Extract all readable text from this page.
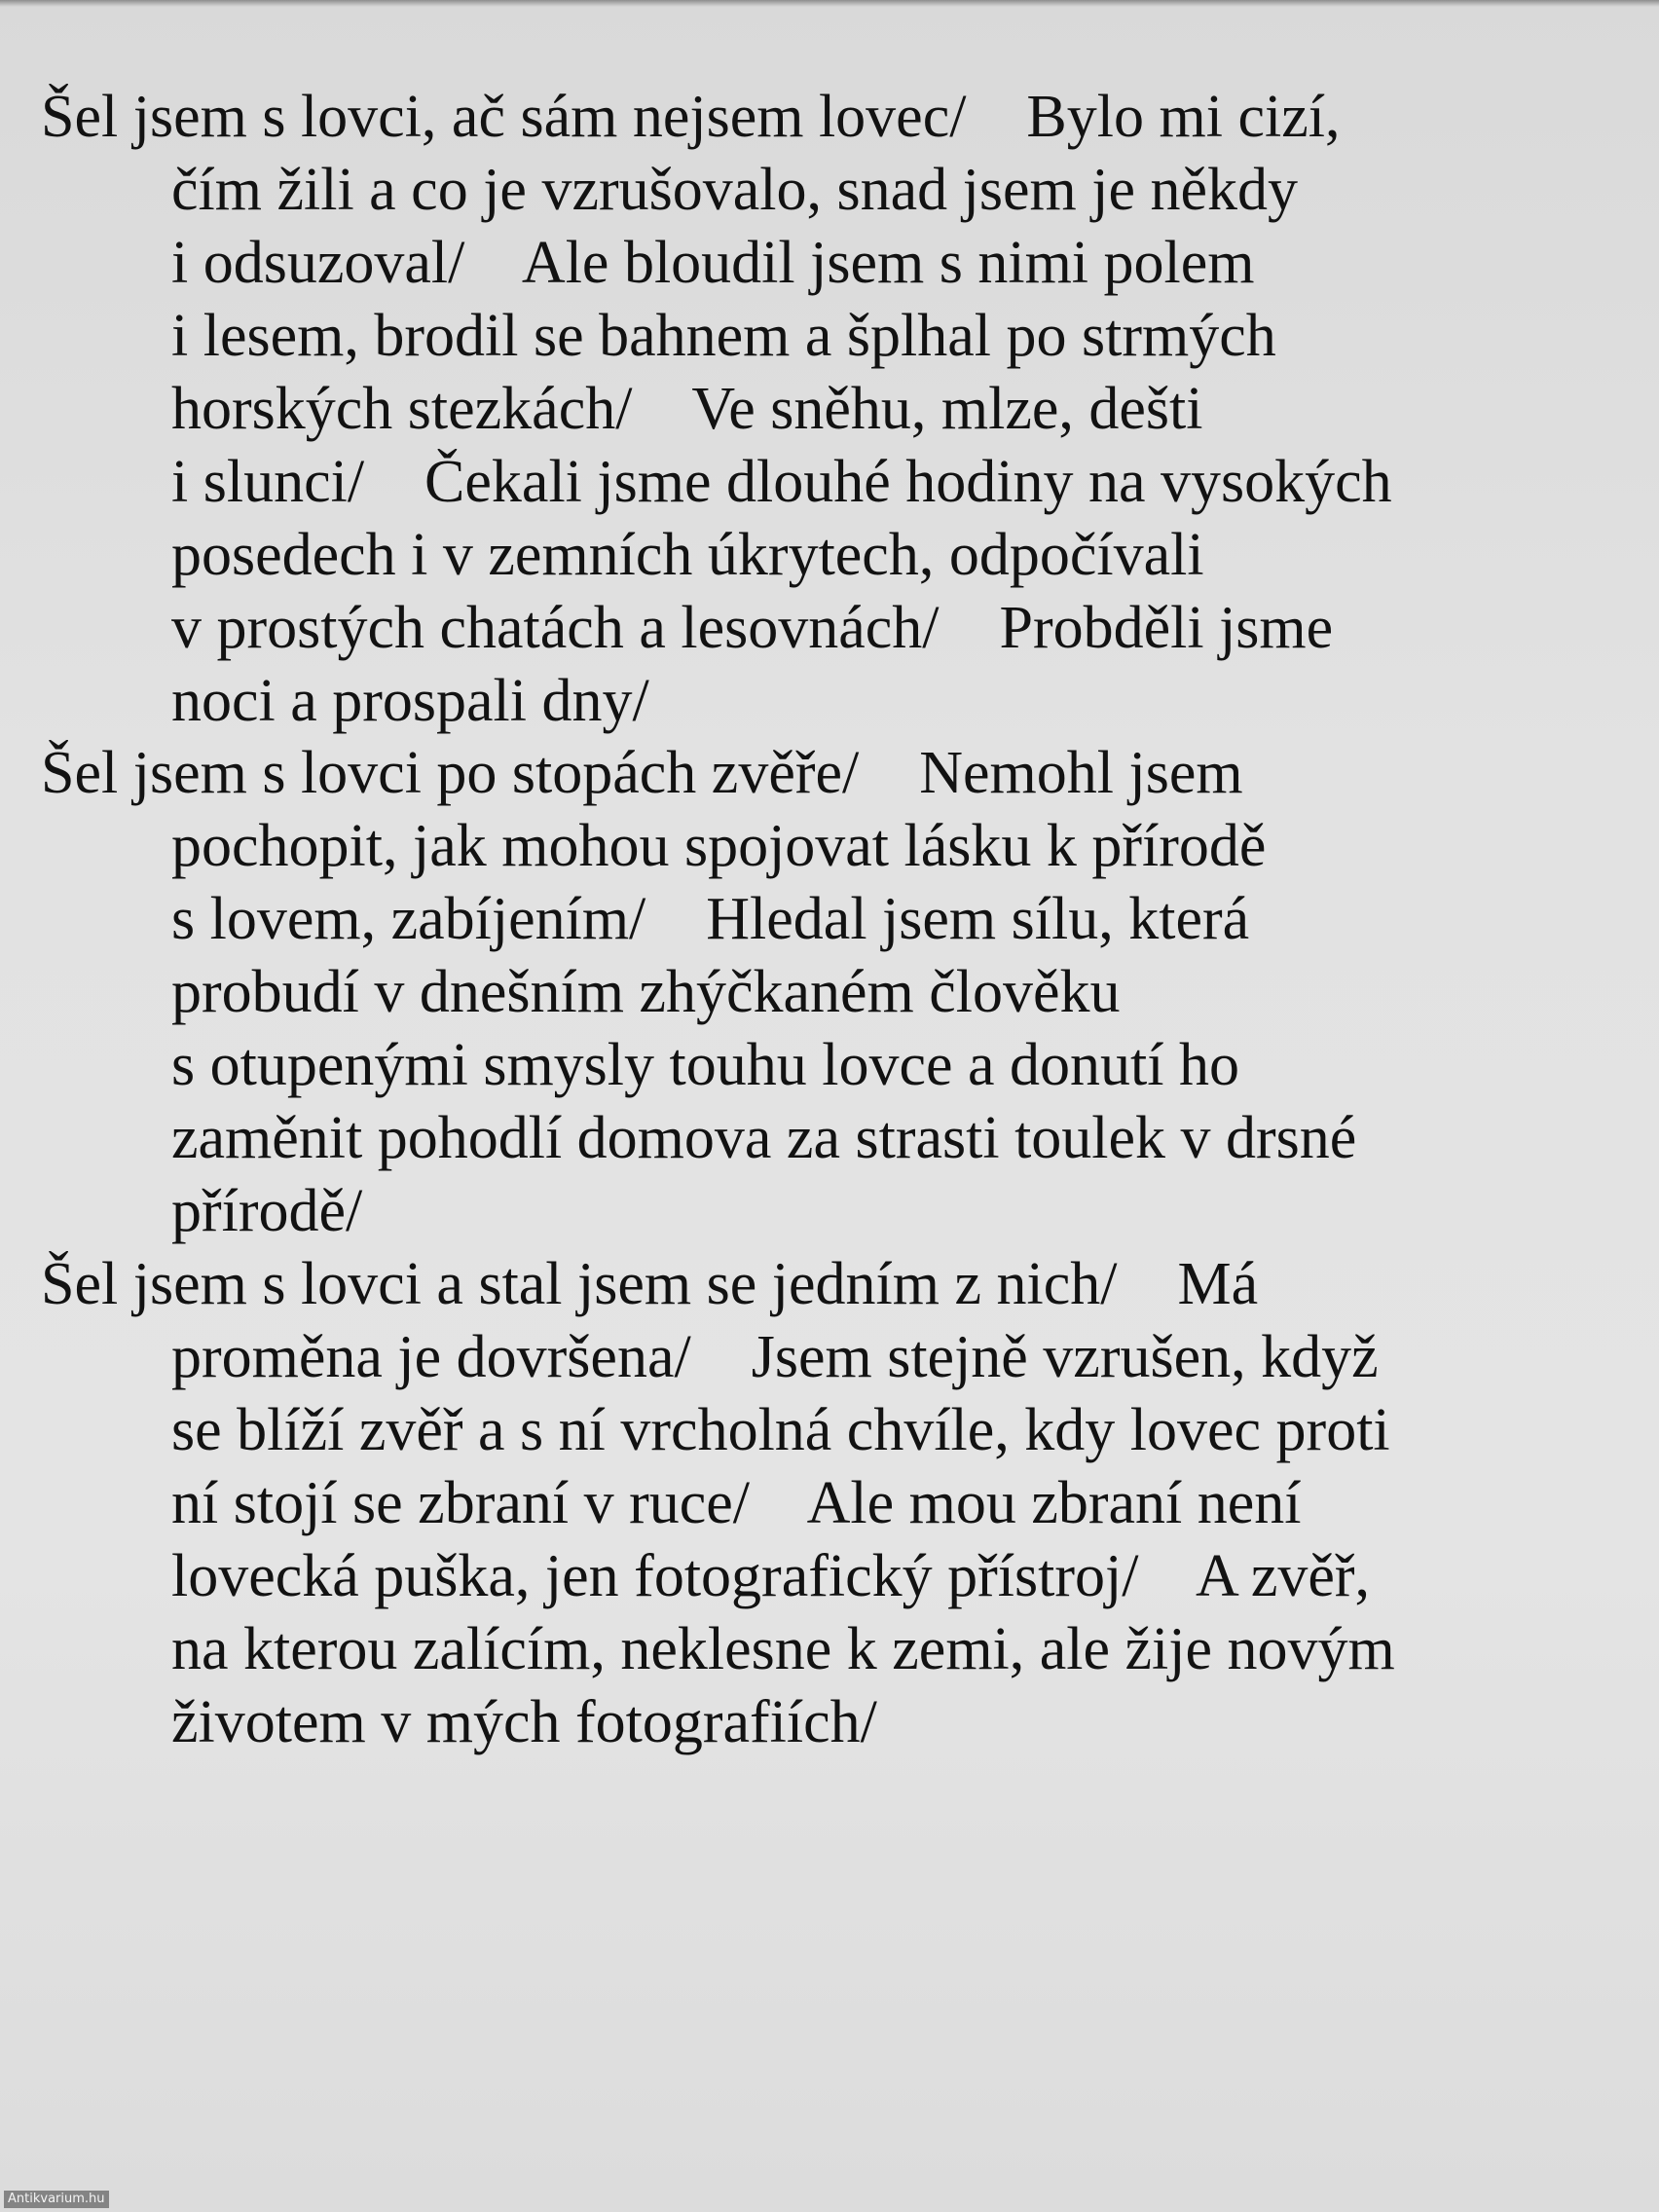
Šel jsem s lovci, ač sám nejsem lovec/    Bylo mi cizí,
čím žili a co je vzrušovalo, snad jsem je někdy
i odsuzoval/    Ale bloudil jsem s nimi polem
i lesem, brodil se bahnem a šplhal po strmých
horských stezkách/    Ve sněhu, mlze, dešti
i slunci/    Čekali jsme dlouhé hodiny na vysokých
posedech i v zemních úkrytech, odpočívali
v prostých chatách a lesovnách/    Probděli jsme
noci a prospali dny/
Šel jsem s lovci po stopách zvěře/    Nemohl jsem
pochopit, jak mohou spojovat lásku k přírodě
s lovem, zabíjením/    Hledal jsem sílu, která
probudí v dnešním zhýčkaném člověku
s otupenými smysly touhu lovce a donutí ho
zaměnit pohodlí domova za strasti toulek v drsné
přírodě/
Šel jsem s lovci a stal jsem se jedním z nich/    Má
proměna je dovršena/    Jsem stejně vzrušen, když
se blíží zvěř a s ní vrcholná chvíle, kdy lovec proti
ní stojí se zbraní v ruce/    Ale mou zbraní není
lovecká puška, jen fotografický přístroj/    A zvěř,
na kterou zalícím, neklesne k zemi, ale žije novým
životem v mých fotografiích/
Antikvarium.hu
